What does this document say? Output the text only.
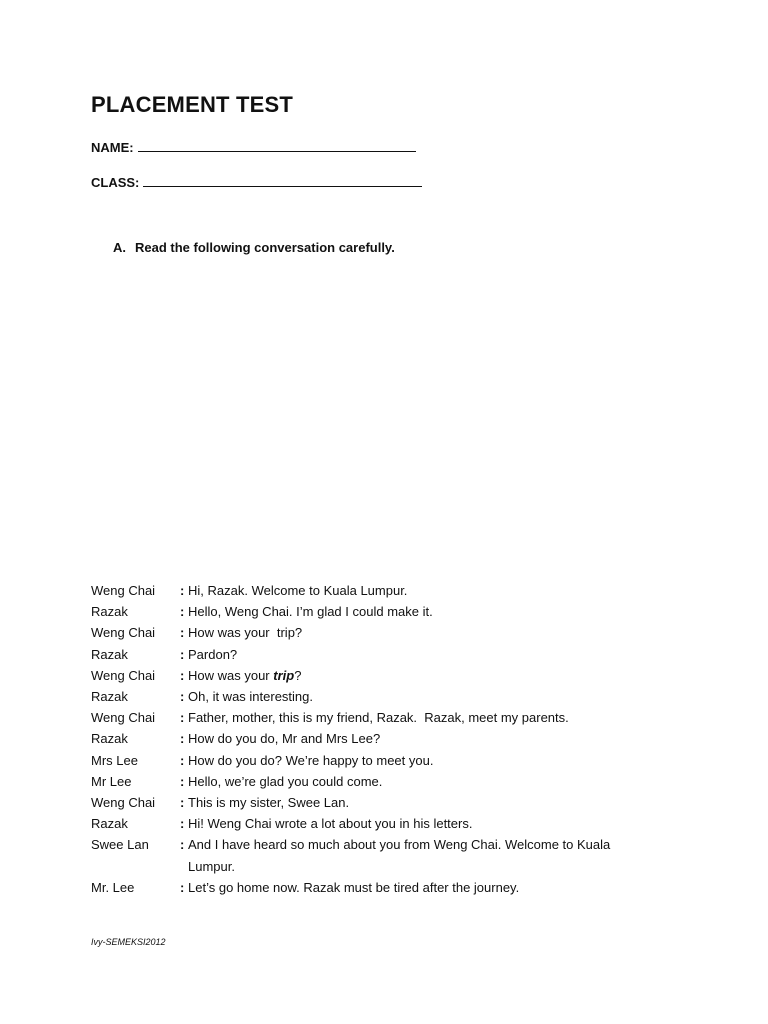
PLACEMENT TEST
NAME:
CLASS:
A. Read the following conversation carefully.
Weng Chai	: Hi, Razak. Welcome to Kuala Lumpur.
Razak	: Hello, Weng Chai. I’m glad I could make it.
Weng Chai	: How was your  trip?
Razak	: Pardon?
Weng Chai	: How was your trip?
Razak	: Oh, it was interesting.
Weng Chai	: Father, mother, this is my friend, Razak.  Razak, meet my parents.
Razak	: How do you do, Mr and Mrs Lee?
Mrs Lee	: How do you do? We’re happy to meet you.
Mr Lee	: Hello, we’re glad you could come.
Weng Chai	: This is my sister, Swee Lan.
Razak	: Hi! Weng Chai wrote a lot about you in his letters.
Swee Lan	: And I have heard so much about you from Weng Chai. Welcome to Kuala Lumpur.
Mr. Lee	: Let’s go home now. Razak must be tired after the journey.
Ivy-SEMEKSI2012
